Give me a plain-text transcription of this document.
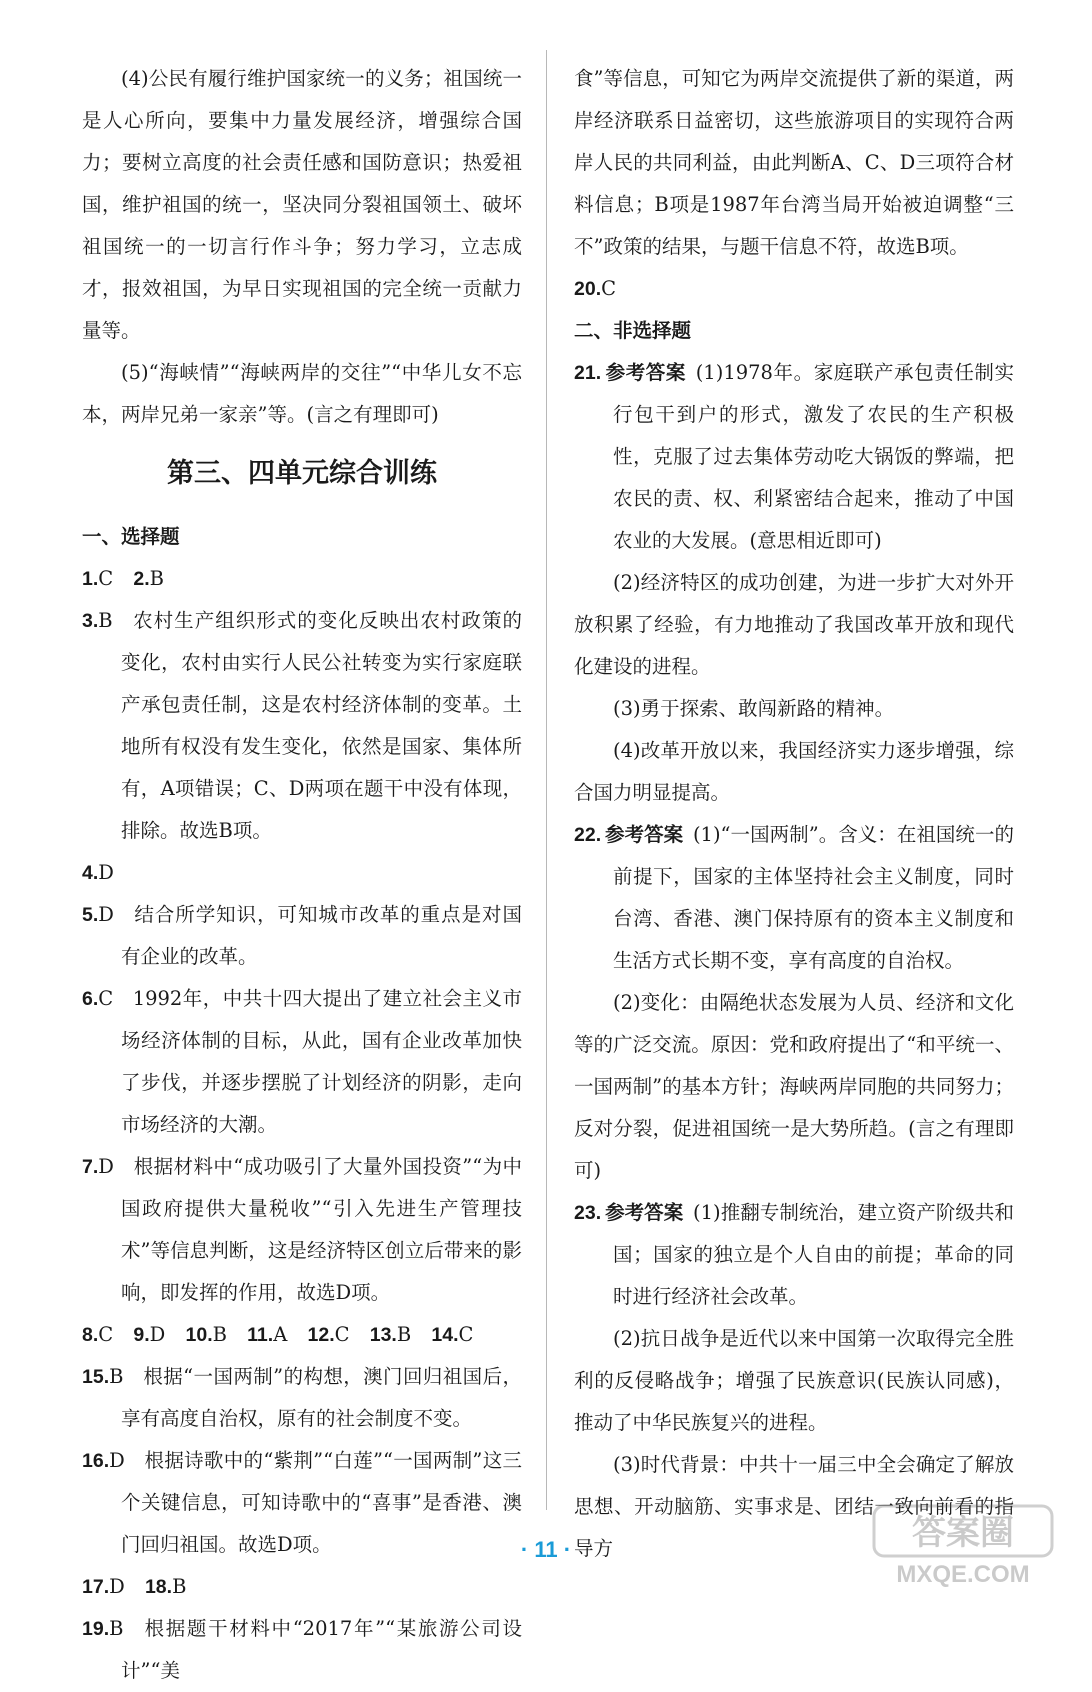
(4)公民有履行维护国家统一的义务；祖国统一是人心所向，要集中力量发展经济，增强综合国力；要树立高度的社会责任感和国防意识；热爱祖国，维护祖国的统一，坚决同分裂祖国领土、破坏祖国统一的一切言行作斗争；努力学习，立志成才，报效祖国，为早日实现祖国的完全统一贡献力量等。

(5)“海峡情”“海峡两岸的交往”“中华儿女不忘本，两岸兄弟一家亲”等。(言之有理即可)

第三、四单元综合训练

一、选择题

1.C 2.B

3.B   农村生产组织形式的变化反映出农村政策的变化，农村由实行人民公社转变为实行家庭联产承包责任制，这是农村经济体制的变革。土地所有权没有发生变化，依然是国家、集体所有，A项错误；C、D两项在题干中没有体现，排除。故选B项。

4.D

5.D   结合所学知识，可知城市改革的重点是对国有企业的改革。

6.C   1992年，中共十四大提出了建立社会主义市场经济体制的目标，从此，国有企业改革加快了步伐，并逐步摆脱了计划经济的阴影，走向市场经济的大潮。

7.D   根据材料中“成功吸引了大量外国投资”“为中国政府提供大量税收”“引入先进生产管理技术”等信息判断，这是经济特区创立后带来的影响，即发挥的作用，故选D项。

8.C 9.D 10.B 11.A 12.C 13.B 14.C

15.B   根据“一国两制”的构想，澳门回归祖国后，享有高度自治权，原有的社会制度不变。

16.D   根据诗歌中的“紫荆”“白莲”“一国两制”这三个关键信息，可知诗歌中的“喜事”是香港、澳门回归祖国。故选D项。

17.D 18.B

19.B   根据题干材料中“2017年”“某旅游公司设计”“美

食”等信息，可知它为两岸交流提供了新的渠道，两岸经济联系日益密切，这些旅游项目的实现符合两岸人民的共同利益，由此判断A、C、D三项符合材料信息；B项是1987年台湾当局开始被迫调整“三不”政策的结果，与题干信息不符，故选B项。

20.C

二、非选择题

21.  参考答案  (1)1978年。家庭联产承包责任制实行包干到户的形式，激发了农民的生产积极性，克服了过去集体劳动吃大锅饭的弊端，把农民的责、权、利紧密结合起来，推动了中国农业的大发展。(意思相近即可)

(2)经济特区的成功创建，为进一步扩大对外开放积累了经验，有力地推动了我国改革开放和现代化建设的进程。

(3)勇于探索、敢闯新路的精神。

(4)改革开放以来，我国经济实力逐步增强，综合国力明显提高。

22.  参考答案  (1)“一国两制”。含义：在祖国统一的前提下，国家的主体坚持社会主义制度，同时台湾、香港、澳门保持原有的资本主义制度和生活方式长期不变，享有高度的自治权。

(2)变化：由隔绝状态发展为人员、经济和文化等的广泛交流。原因：党和政府提出了“和平统一、一国两制”的基本方针；海峡两岸同胞的共同努力；反对分裂，促进祖国统一是大势所趋。(言之有理即可)

23.  参考答案  (1)推翻专制统治，建立资产阶级共和国；国家的独立是个人自由的前提；革命的同时进行经济社会改革。

(2)抗日战争是近代以来中国第一次取得完全胜利的反侵略战争；增强了民族意识(民族认同感)，推动了中华民族复兴的进程。

(3)时代背景：中共十一届三中全会确定了解放思想、开动脑筋、实事求是、团结一致向前看的指导方

· 11 ·	答案圈
MXQE.COM
